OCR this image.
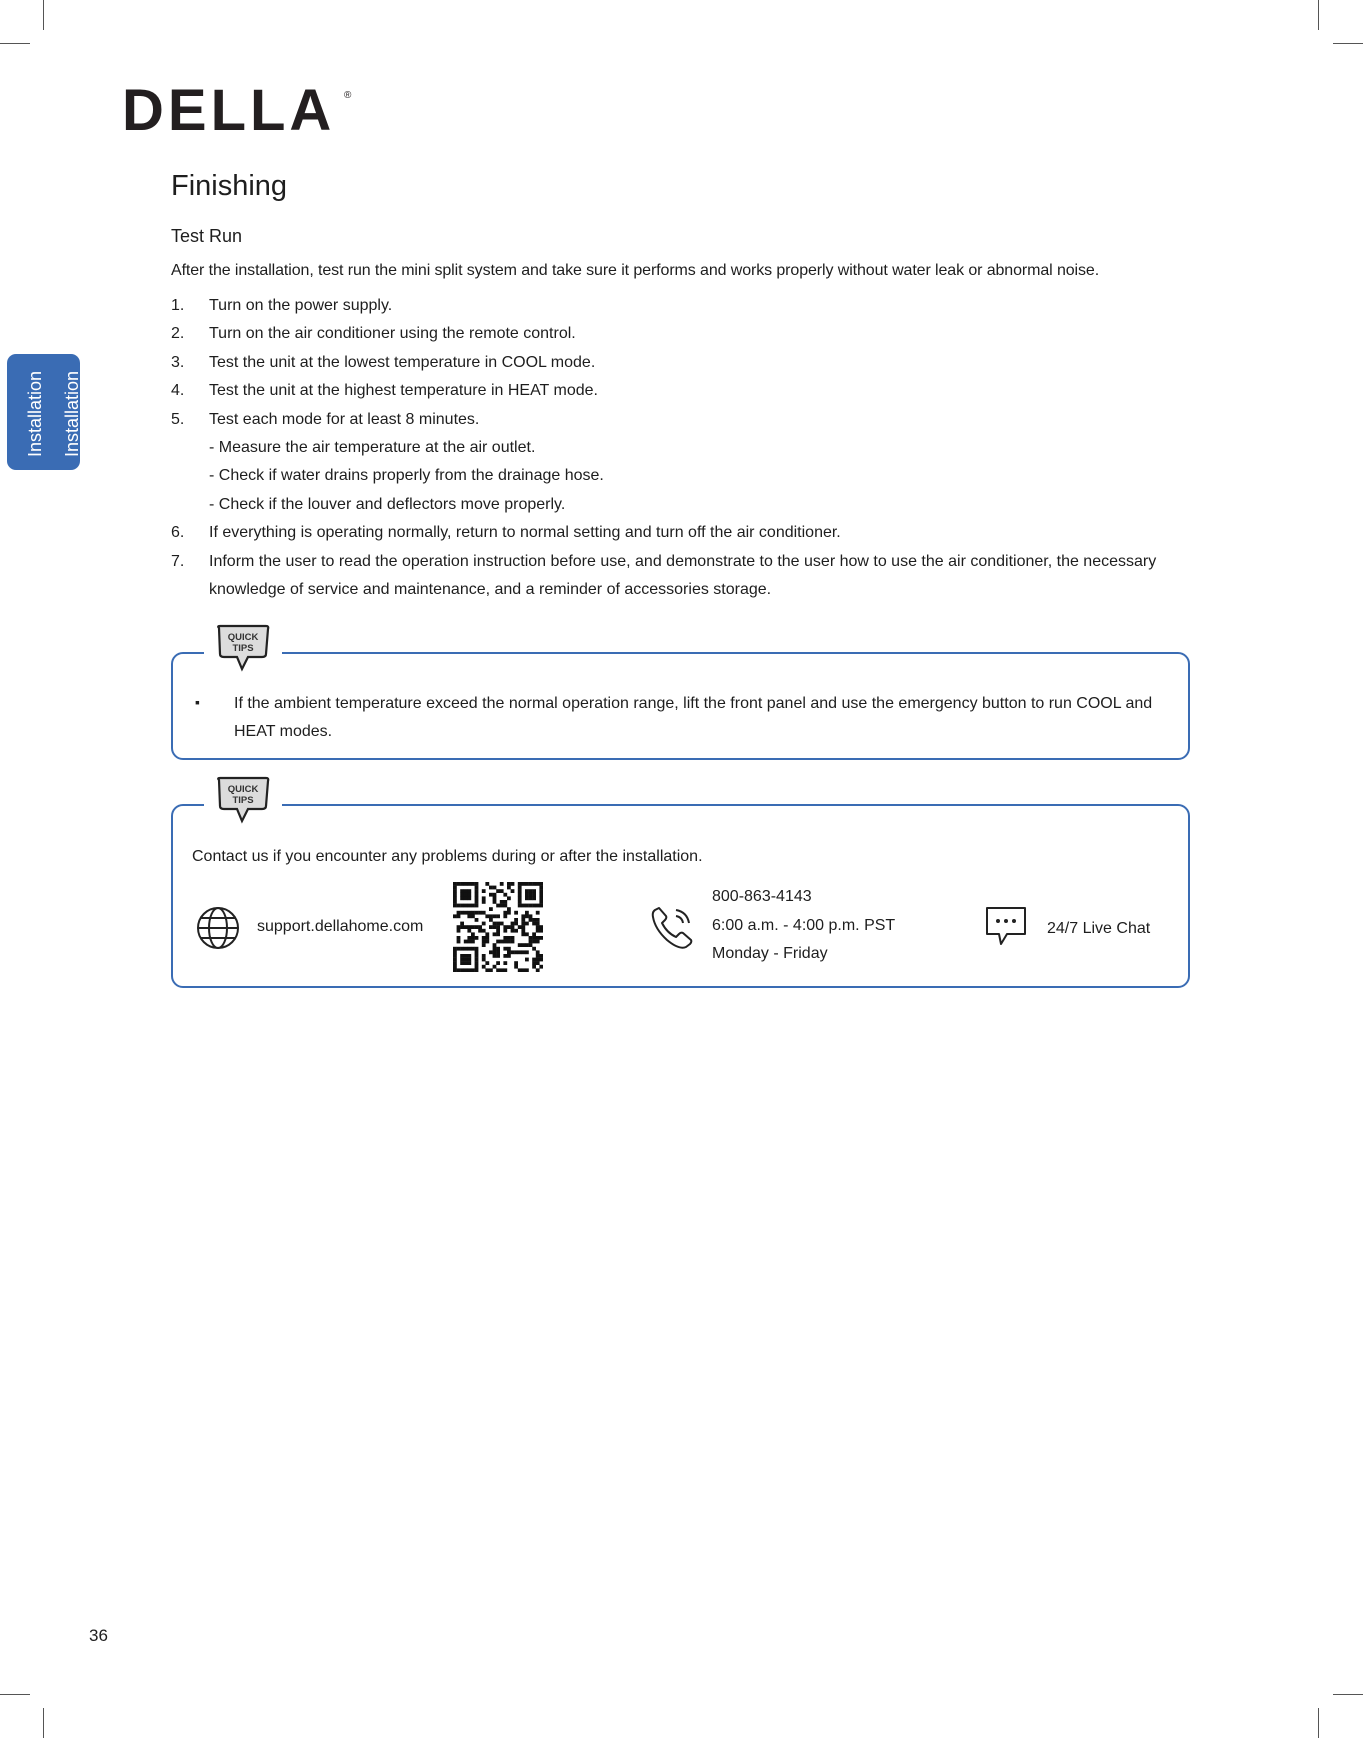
DELLA ®
Installation Installation
Finishing
Test Run
After the installation, test run the mini split system and take sure it performs and works properly without water leak or abnormal noise.
1. Turn on the power supply.
2. Turn on the air conditioner using the remote control.
3. Test the unit at the lowest temperature in COOL mode.
4. Test the unit at the highest temperature in HEAT mode.
5. Test each mode for at least 8 minutes.
- Measure the air temperature at the air outlet.
- Check if water drains properly from the drainage hose.
- Check if the louver and deflectors move properly.
6. If everything is operating normally, return to normal setting and turn off the air conditioner.
7. Inform the user to read the operation instruction before use, and demonstrate to the user how to use the air conditioner, the necessary
knowledge of service and maintenance, and a reminder of accessories storage.
QUICK
TIPS
▪ If the ambient temperature exceed the normal operation range, lift the front panel and use the emergency button to run COOL and HEAT modes.
QUICK
TIPS
Contact us if you encounter any problems during or after the installation.
support.dellahome.com
800-863-4143
6:00 a.m. - 4:00 p.m. PST
Monday - Friday
24/7 Live Chat
36
